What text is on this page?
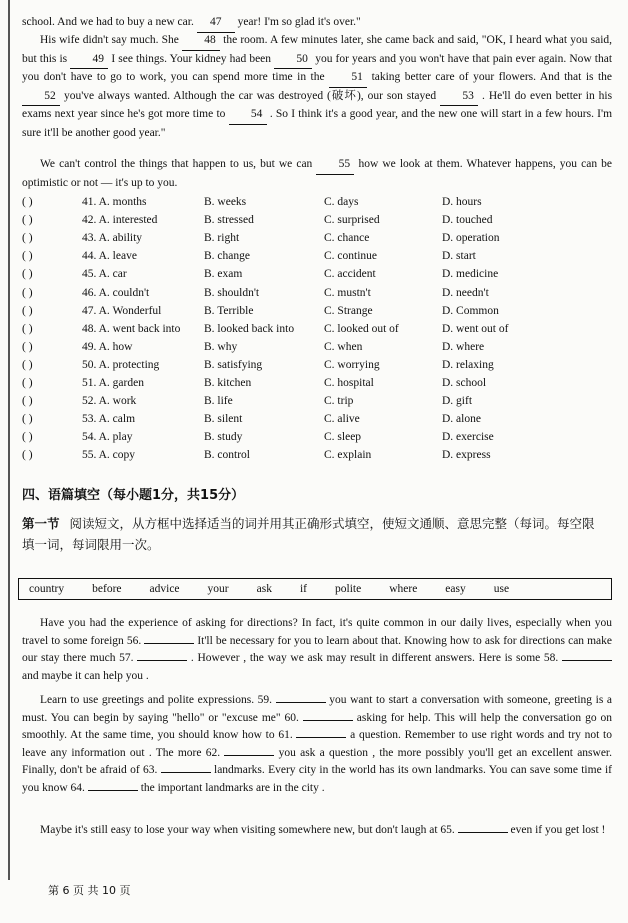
school. And we had to buy a new car. 47 year! I'm so glad it's over."
His wife didn't say much. She 48 the room. A few minutes later, she came back and said, "OK, I heard what you said, but this is 49 I see things. Your kidney had been 50 you for years and you won't have that pain ever again. Now that you don't have to go to work, you can spend more time in the 51 taking better care of your flowers. And that is the 52 you've always wanted. Although the car was destroyed (破坏), our son stayed 53 . He'll do even better in his exams next year since he's got more time to 54 . So I think it's a good year, and the new one will start in a few hours. I'm sure it'll be another good year."
We can't control the things that happen to us, but we can 55 how we look at them. Whatever happens, you can be optimistic or not — it's up to you.
( )	41. A. months	B. weeks	C. days	D. hours
( )	42. A. interested	B. stressed	C. surprised	D. touched
( )	43. A. ability	B. right	C. chance	D. operation
( )	44. A. leave	B. change	C. continue	D. start
( )	45. A. car	B. exam	C. accident	D. medicine
( )	46. A. couldn't	B. shouldn't	C. mustn't	D. needn't
( )	47. A. Wonderful	B. Terrible	C. Strange	D. Common
( )	48. A. went back into	B. looked back into	C. looked out of	D. went out of
( )	49. A. how	B. why	C. when	D. where
( )	50. A. protecting	B. satisfying	C. worrying	D. relaxing
( )	51. A. garden	B. kitchen	C. hospital	D. school
( )	52. A. work	B. life	C. trip	D. gift
( )	53. A. calm	B. silent	C. alive	D. alone
( )	54. A. play	B. study	C. sleep	D. exercise
( )	55. A. copy	B. control	C. explain	D. express
四、语篇填空（每小题1分，共15分）
第一节 阅读短文，从方框中选择适当的词并用其正确形式填空，使短文通顺、意思完整（每词。每空限填一词，每词限用一次。
country before advice your ask if polite where easy use
Have you had the experience of asking for directions? In fact, it's quite common in our daily lives, especially when you travel to some foreign 56.	It'll be necessary for you to learn about that. Knowing how to ask for directions can make our stay there much 57.	. However , the way we ask may result in different answers. Here is some 58.  and maybe it can help you .
Learn to use greetings and polite expressions. 59.	you want to start a conversation with someone, greeting is a must. You can begin by saying "hello" or "excuse me" 60.	asking for help. This will help the conversation go on smoothly. At the same time, you should know how to 61.	a question. Remember to use right words and try not to leave any information out . The more 62.	you ask a question , the more possibly you'll get an excellent answer. Finally, don't be afraid of 63.	landmarks. Every city in the world has its own landmarks. You can save some time if you know 64.	the important landmarks are in the city .
Maybe it's still easy to lose your way when visiting somewhere new, but don't laugh at 65.	even if you get lost !
第 6 页 共 10 页
